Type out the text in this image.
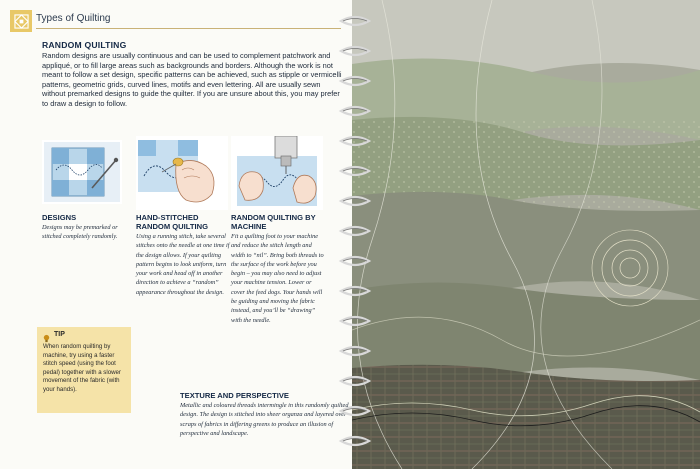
Types of Quilting
RANDOM QUILTING
Random designs are usually continuous and can be used to complement patchwork and appliqué, or to fill large areas such as backgrounds and borders. Although the work is not meant to follow a set design, specific patterns can be achieved, such as stipple or vermicelli patterns, geometric grids, curved lines, motifs and even lettering. All are usually sewn without premarked designs to guide the quilter. If you are unsure about this, you may prefer to draw a design to follow.
DESIGNS
Designs may be premarked or stitched completely randomly.
HAND-STITCHED RANDOM QUILTING
Using a running stitch, take several stitches onto the needle at one time if the design allows. If your quilting pattern begins to look uniform, turn your work and head off in another direction to achieve a “random” appearance throughout the design.
RANDOM QUILTING BY MACHINE
Fit a quilting foot to your machine and reduce the stitch length and width to “nil”. Bring both threads to the surface of the work before you begin – you may also need to adjust your machine tension. Lower or cover the feed dogs. Your hands will be guiding and moving the fabric instead, and you’ll be “drawing” with the needle.
TIP
When random quilting by machine, try using a faster stitch speed (using the foot pedal) together with a slower movement of the fabric (with your hands).
TEXTURE AND PERSPECTIVE
Metallic and coloured threads intermingle in this randomly quilted design. The design is stitched into sheer organza and layered over scraps of fabrics in differing greens to produce an illusion of perspective and landscape.
